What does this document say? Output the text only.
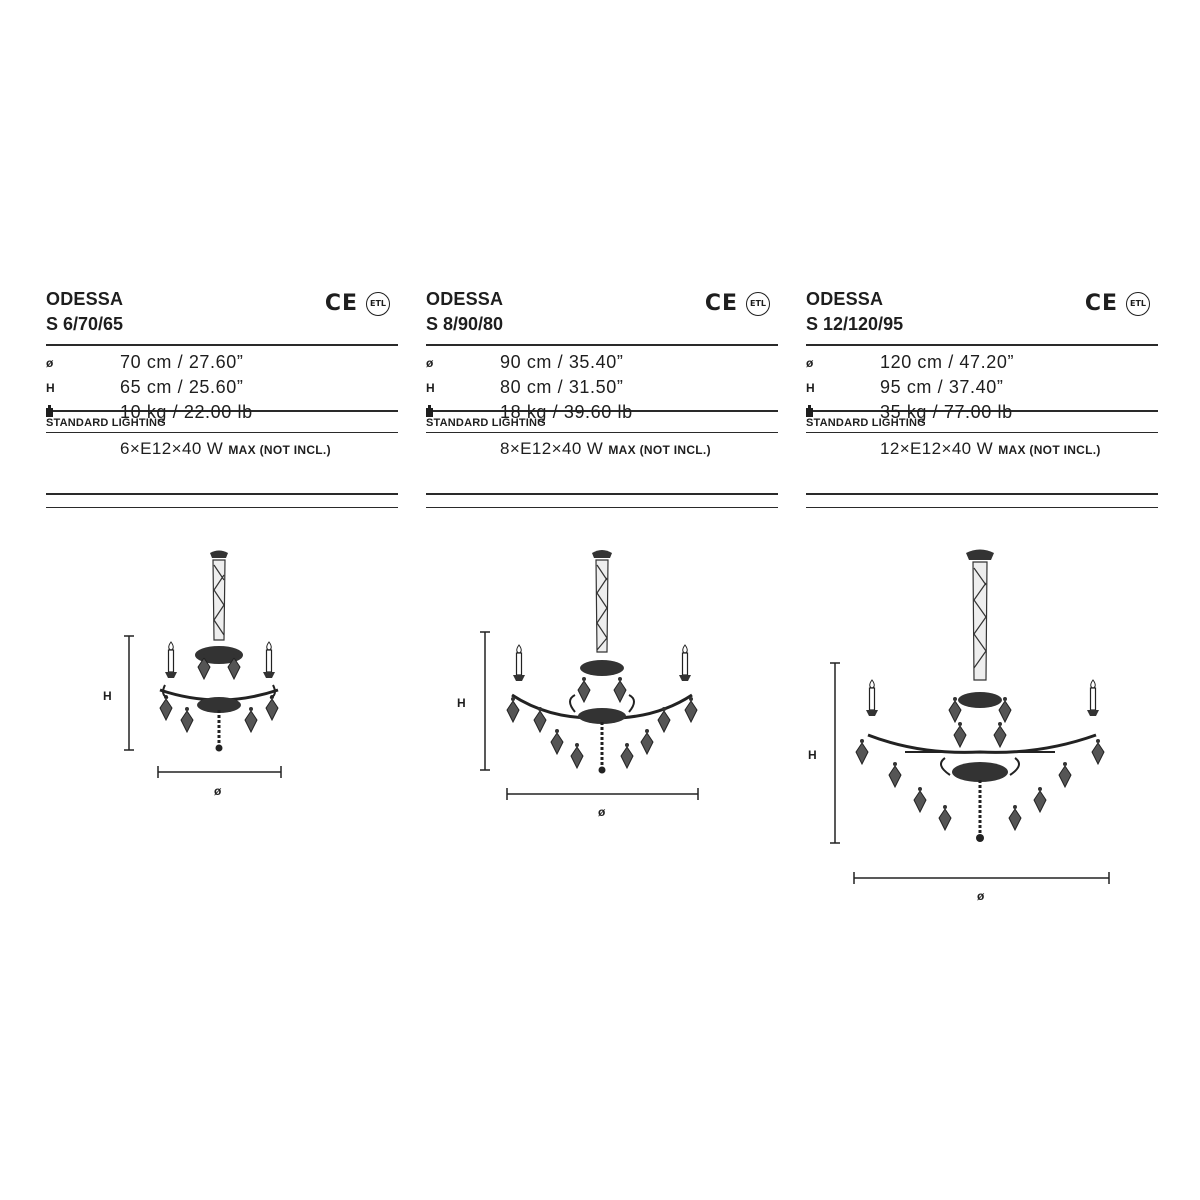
ODESSA
S 6/70/65
CE	ETL
ø	70 cm / 27.60”
H	65 cm / 25.60”
10 kg / 22.00 lb
STANDARD LIGHTING
6×E12×40 W MAX (NOT INCL.)
ODESSA
S 8/90/80
CE	ETL
ø	90 cm / 35.40”
H	80 cm / 31.50”
18 kg / 39.60 lb
STANDARD LIGHTING
8×E12×40 W MAX (NOT INCL.)
ODESSA
S 12/120/95
CE	ETL
ø	120 cm / 47.20”
H	95 cm / 37.40”
35 kg / 77.00 lb
STANDARD LIGHTING
12×E12×40 W MAX (NOT INCL.)
H
ø
H
ø
H
ø
